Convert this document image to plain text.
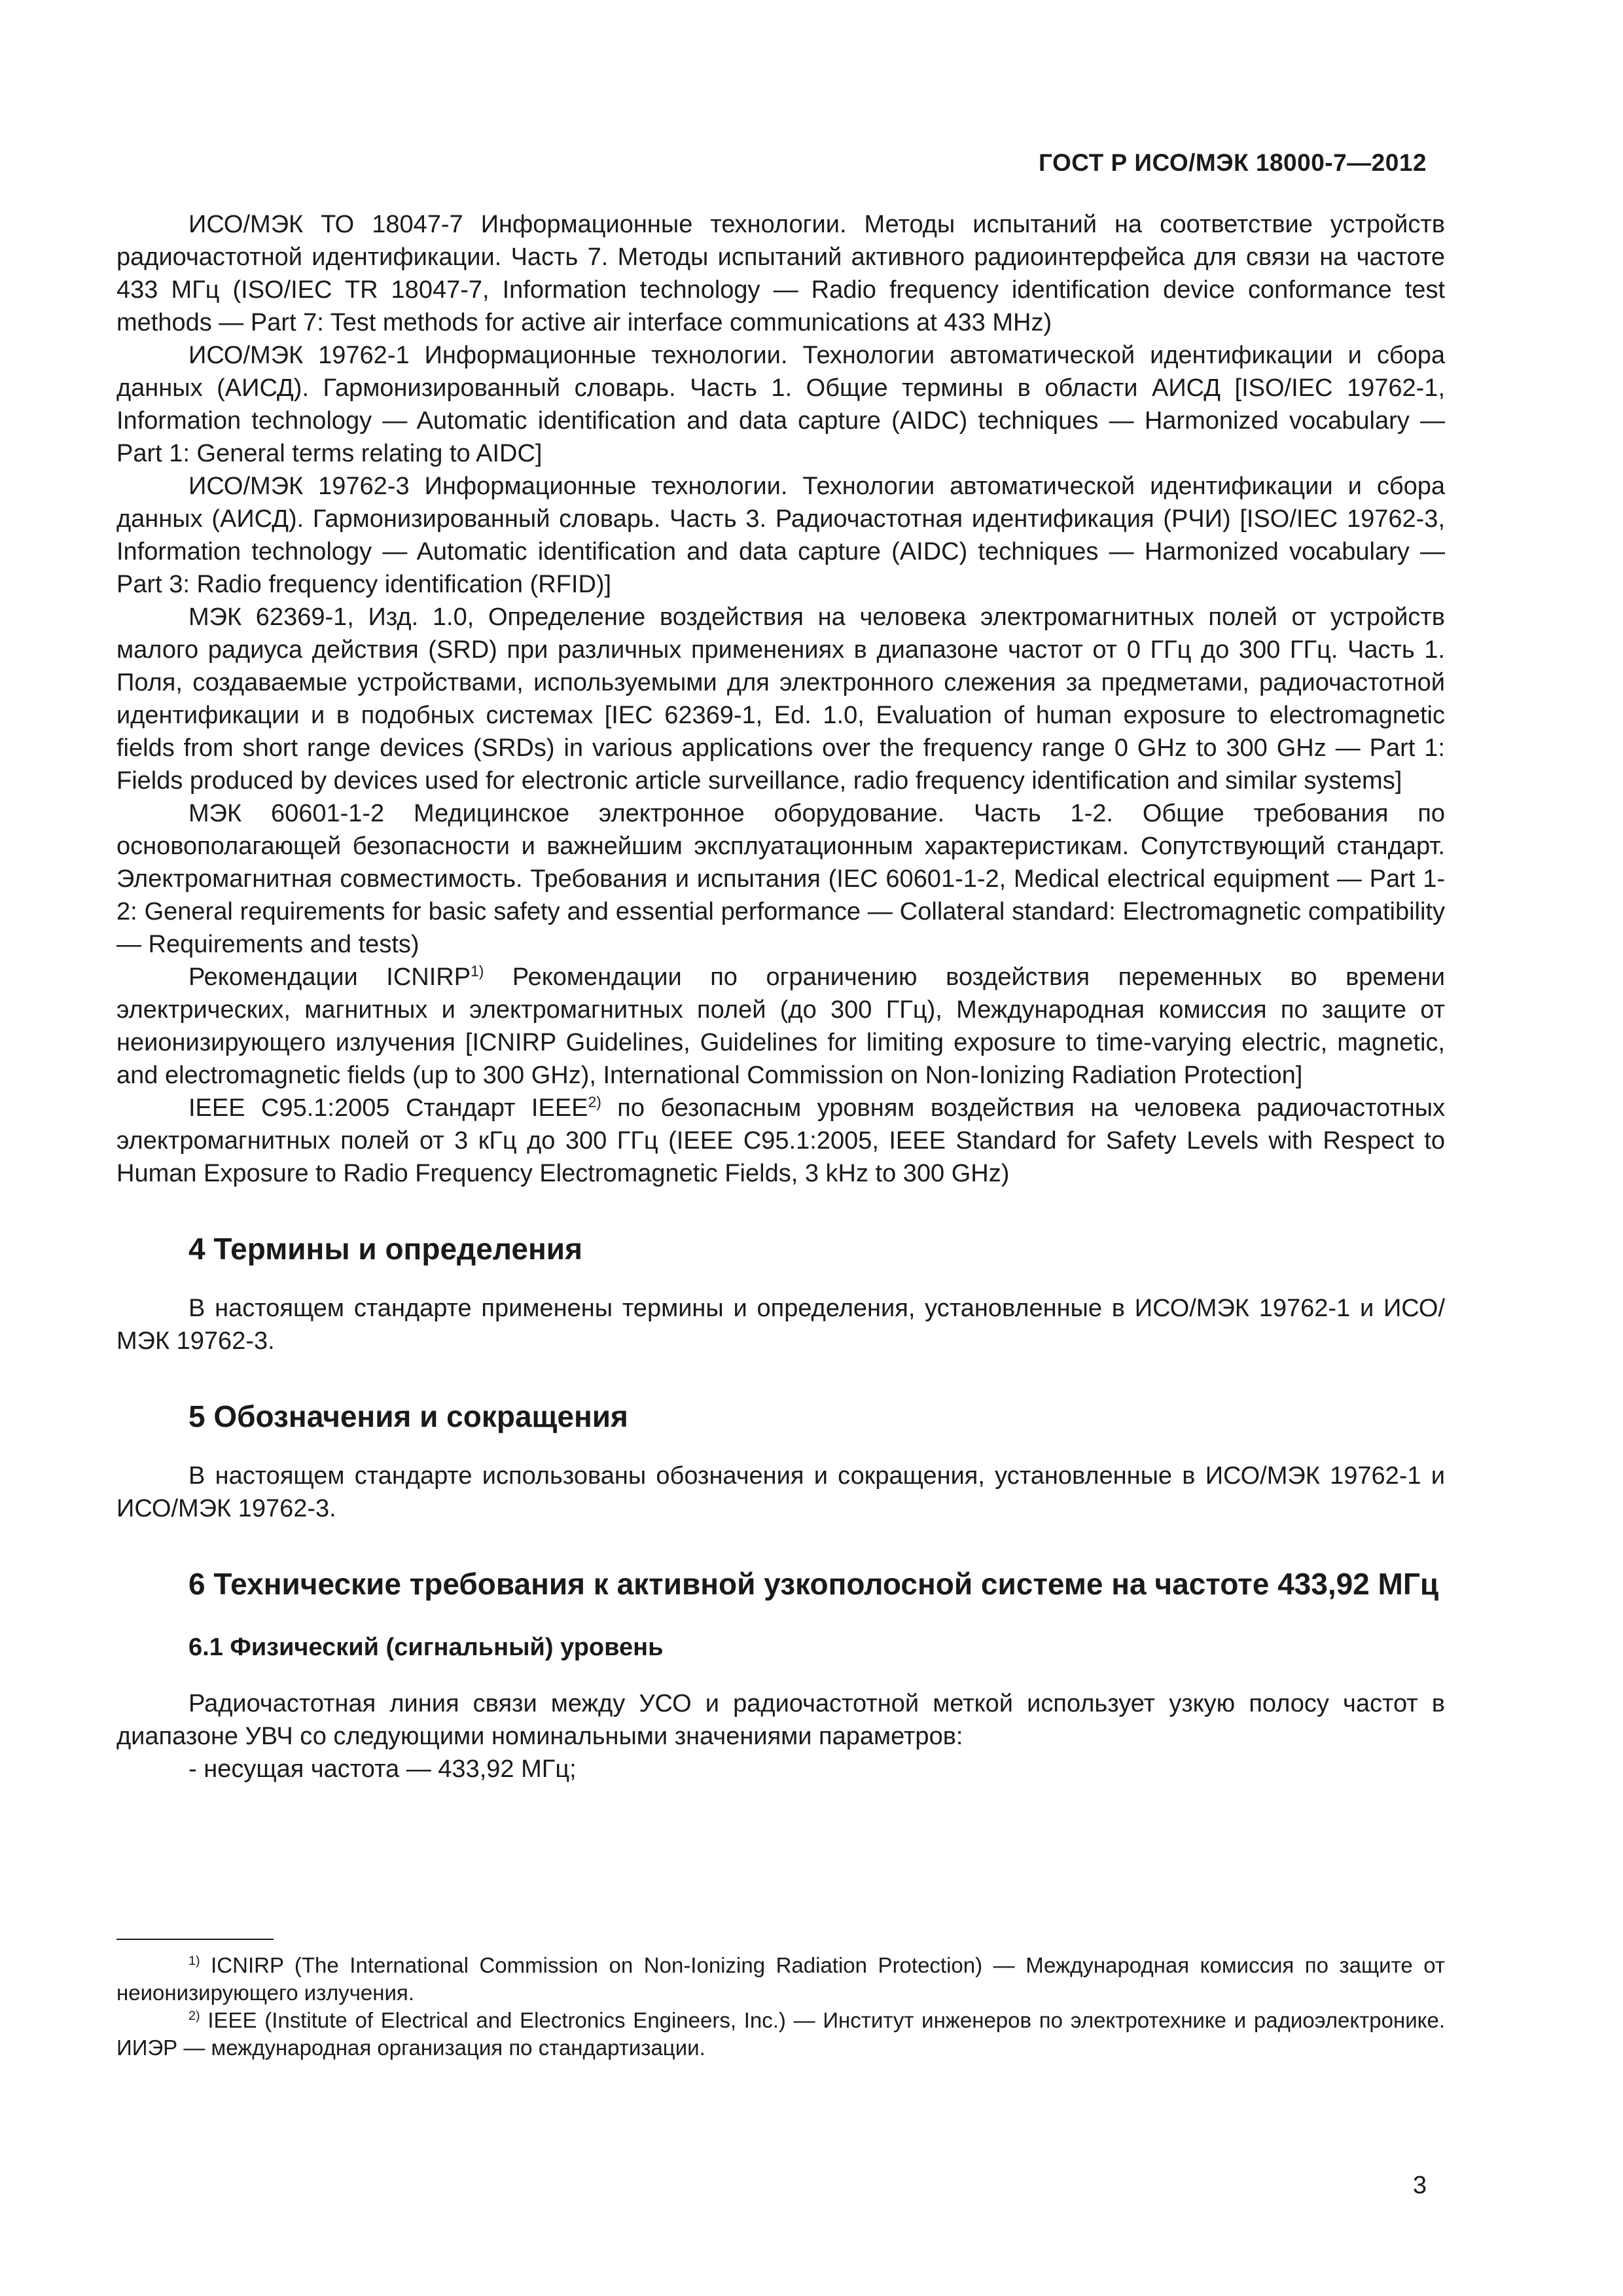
ГОСТ Р ИСО/МЭК 18000-7—2012

ИСО/МЭК ТО 18047-7 Информационные технологии. Методы испытаний на соответствие устройств радиочастотной идентификации. Часть 7. Методы испытаний активного радиоинтерфейса для связи на частоте 433 МГц (ISO/IEC TR 18047-7, Information technology — Radio frequency identification device conformance test methods — Part 7: Test methods for active air interface communications at 433 MHz)

ИСО/МЭК 19762-1 Информационные технологии. Технологии автоматической идентификации и сбора данных (АИСД). Гармонизированный словарь. Часть 1. Общие термины в области АИСД [ISO/IEC 19762-1, Information technology — Automatic identification and data capture (AIDC) techniques — Harmonized vocabulary — Part 1: General terms relating to AIDC]

ИСО/МЭК 19762-3 Информационные технологии. Технологии автоматической идентификации и сбора данных (АИСД). Гармонизированный словарь. Часть 3. Радиочастотная идентификация (РЧИ) [ISO/IEC 19762-3, Information technology — Automatic identification and data capture (AIDC) techniques — Harmonized vocabulary — Part 3: Radio frequency identification (RFID)]

МЭК 62369-1, Изд. 1.0, Определение воздействия на человека электромагнитных полей от устройств малого радиуса действия (SRD) при различных применениях в диапазоне частот от 0 ГГц до 300 ГГц. Часть 1. Поля, создаваемые устройствами, используемыми для электронного слежения за предметами, радиочастотной идентификации и в подобных системах [IEC 62369-1, Ed. 1.0, Evaluation of human exposure to electromagnetic fields from short range devices (SRDs) in various applications over the frequency range 0 GHz to 300 GHz — Part 1: Fields produced by devices used for electronic article surveillance, radio frequency identification and similar systems]

МЭК 60601-1-2 Медицинское электронное оборудование. Часть 1-2. Общие требования по основополагающей безопасности и важнейшим эксплуатационным характеристикам. Сопутствующий стандарт. Электромагнитная совместимость. Требования и испытания (IEC 60601-1-2, Medical electrical equipment — Part 1-2: General requirements for basic safety and essential performance — Collateral standard: Electromagnetic compatibility — Requirements and tests)

Рекомендации ICNIRP$^{1)}$ Рекомендации по ограничению воздействия переменных во времени электрических, магнитных и электромагнитных полей (до 300 ГГц), Международная комиссия по защите от неионизирующего излучения [ICNIRP Guidelines, Guidelines for limiting exposure to time-varying electric, magnetic, and electromagnetic fields (up to 300 GHz), International Commission on Non-Ionizing Radiation Protection]

IEEE C95.1:2005 Стандарт IEEE$^{2)}$ по безопасным уровням воздействия на человека радиочастотных электромагнитных полей от 3 кГц до 300 ГГц (IEEE C95.1:2005, IEEE Standard for Safety Levels with Respect to Human Exposure to Radio Frequency Electromagnetic Fields, 3 kHz to 300 GHz)

4 Термины и определения

В настоящем стандарте применены термины и определения, установленные в ИСО/МЭК 19762-1 и ИСО/МЭК 19762-3.

5 Обозначения и сокращения

В настоящем стандарте использованы обозначения и сокращения, установленные в ИСО/МЭК 19762-1 и ИСО/МЭК 19762-3.

6 Технические требования к активной узкополосной системе на частоте 433,92 МГц
6.1 Физический (сигнальный) уровень

Радиочастотная линия связи между УСО и радиочастотной меткой использует узкую полосу частот в диапазоне УВЧ со следующими номинальными значениями параметров:

- несущая частота — 433,92 МГц;

$^{1)}$ ICNIRP (The International Commission on Non-Ionizing Radiation Protection) — Международная комиссия по защите от неионизирующего излучения.

$^{2)}$ IEEE (Institute of Electrical and Electronics Engineers, Inc.) — Институт инженеров по электротехнике и радиоэлектронике. ИИЭР — международная организация по стандартизации.

3
